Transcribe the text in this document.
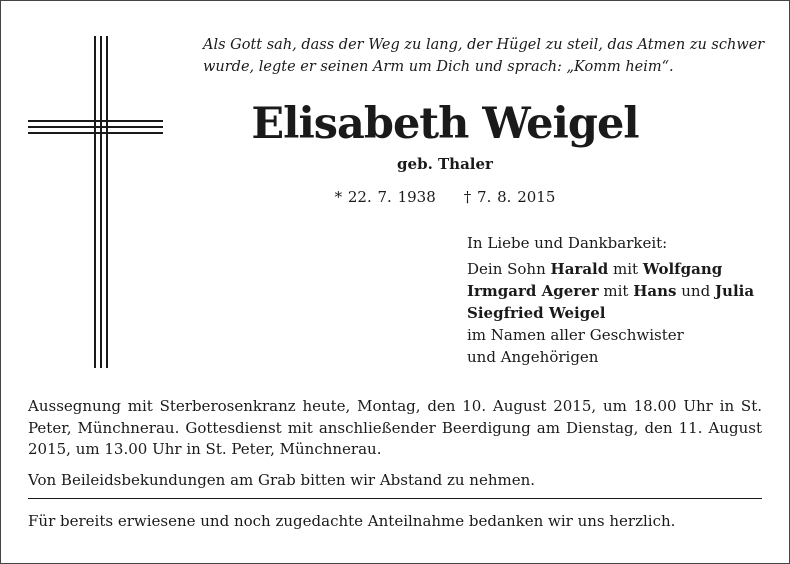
Als Gott sah, dass der Weg zu lang, der Hügel zu steil, das Atmen zu schwer wurde, legte er seinen Arm um Dich und sprach: „Komm heim“.
Elisabeth Weigel
geb. Thaler
* 22. 7. 1938 † 7. 8. 2015
In Liebe und Dankbarkeit:
Dein Sohn Harald mit Wolfgang
Irmgard Agerer mit Hans und Julia
Siegfried Weigel
im Namen aller Geschwister
und Angehörigen
Aussegnung mit Sterberosenkranz heute, Montag, den 10. August 2015, um 18.00 Uhr in St. Peter, Münchnerau. Gottesdienst mit anschließender Beerdigung am Dienstag, den 11. August 2015, um 13.00 Uhr in St. Peter, Münchnerau.
Von Beileidsbekundungen am Grab bitten wir Abstand zu nehmen.
Für bereits erwiesene und noch zugedachte Anteilnahme bedanken wir uns herzlich.
